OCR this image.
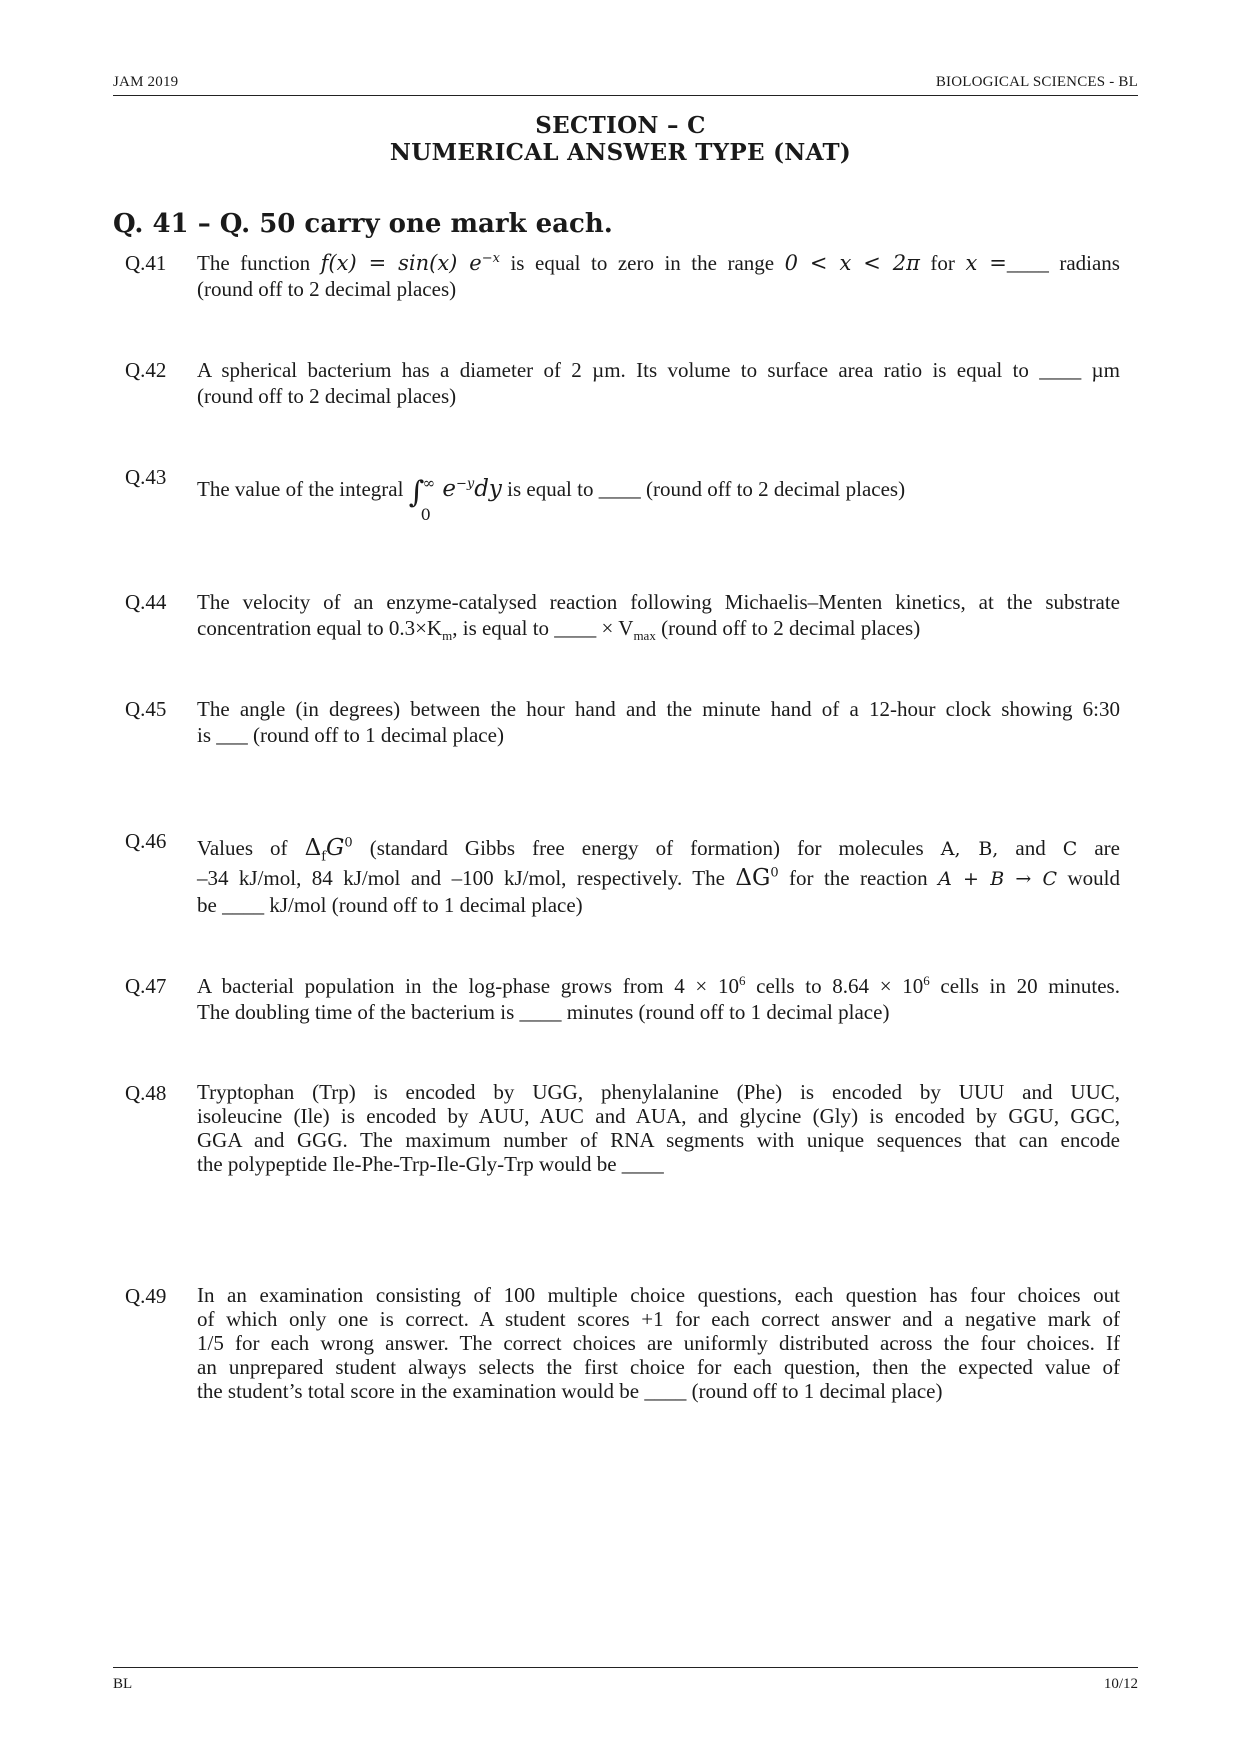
JAM 2019	BIOLOGICAL SCIENCES - BL
SECTION – C
NUMERICAL ANSWER TYPE (NAT)
Q. 41 – Q. 50 carry one mark each.
Q.41 The function f(x) = sin(x) $e^{-x}$ is equal to zero in the range 0 < x < 2π for x =____ radians
(round off to 2 decimal places)
Q.42 A spherical bacterium has a diameter of 2 µm. Its volume to surface area ratio is equal to ____ µm
(round off to 2 decimal places)
Q.43 The value of the integral ∫
∞
0
$e^{-y}dy$ is equal to ____ (round off to 2 decimal places)
Q.44 The velocity of an enzyme-catalysed reaction following Michaelis–Menten kinetics, at the substrate
concentration equal to $0.3\times K_m$, is equal to ____ × $V_{max}$ (round off to 2 decimal places)
Q.45 The angle (in degrees) between the hour hand and the minute hand of a 12-hour clock showing 6:30
is ___ (round off to 1 decimal place)
Q.46 Values of $\Delta_fG^0$ (standard Gibbs free energy of formation) for molecules A, B, and C are
–34 kJ/mol, 84 kJ/mol and –100 kJ/mol, respectively. The $\Delta G^0$ for the reaction A + B → C would
be ____ kJ/mol (round off to 1 decimal place)
Q.47 A bacterial population in the log-phase grows from $4 \times 10^6$ cells to $8.64 \times 10^6$ cells in 20 minutes.
The doubling time of the bacterium is ____ minutes (round off to 1 decimal place)
Q.48 Tryptophan (Trp) is encoded by UGG, phenylalanine (Phe) is encoded by UUU and UUC,
isoleucine (Ile) is encoded by AUU, AUC and AUA, and glycine (Gly) is encoded by GGU, GGC,
GGA and GGG. The maximum number of RNA segments with unique sequences that can encode
the polypeptide Ile-Phe-Trp-Ile-Gly-Trp would be ____
Q.49 In an examination consisting of 100 multiple choice questions, each question has four choices out
of which only one is correct. A student scores +1 for each correct answer and a negative mark of
1/5 for each wrong answer. The correct choices are uniformly distributed across the four choices. If
an unprepared student always selects the first choice for each question, then the expected value of
the student’s total score in the examination would be ____ (round off to 1 decimal place)
BL	10/12
